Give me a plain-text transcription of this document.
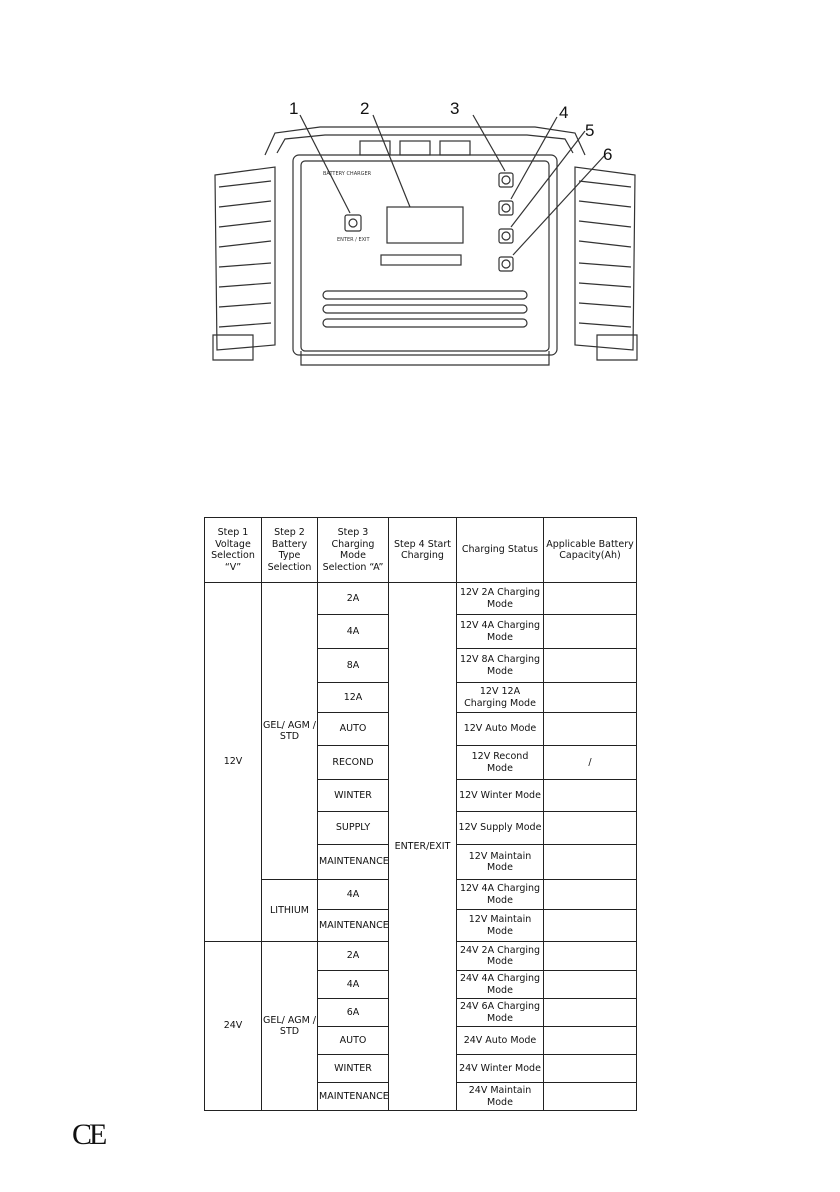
BATTERY CHARGER
ENTER / EXIT
1	2	3	4
5
6
Step 1 Voltage Selection “V”	Step 2 Battery Type Selection	Step 3 Charging Mode Selection “A”	Step 4 Start Charging	Charging Status	Applicable Battery Capacity(Ah)
12V	GEL/ AGM / STD	2A	ENTER/EXIT	12V 2A Charging Mode	
		4A		12V 4A Charging Mode	
		8A		12V 8A Charging Mode	
		12A		12V 12A Charging Mode	
		AUTO		12V Auto Mode	
		RECOND		12V Recond Mode	/
		WINTER		12V Winter Mode	
		SUPPLY		12V Supply Mode	
		MAINTENANCE		12V Maintain Mode	
	LITHIUM	4A		12V 4A Charging Mode	
		MAINTENANCE		12V Maintain Mode	
24V	GEL/ AGM / STD	2A		24V 2A Charging Mode	
		4A		24V 4A Charging Mode	
		6A		24V 6A Charging Mode	
		AUTO		24V Auto Mode	
		WINTER		24V Winter Mode	
		MAINTENANCE		24V Maintain Mode	
CE
